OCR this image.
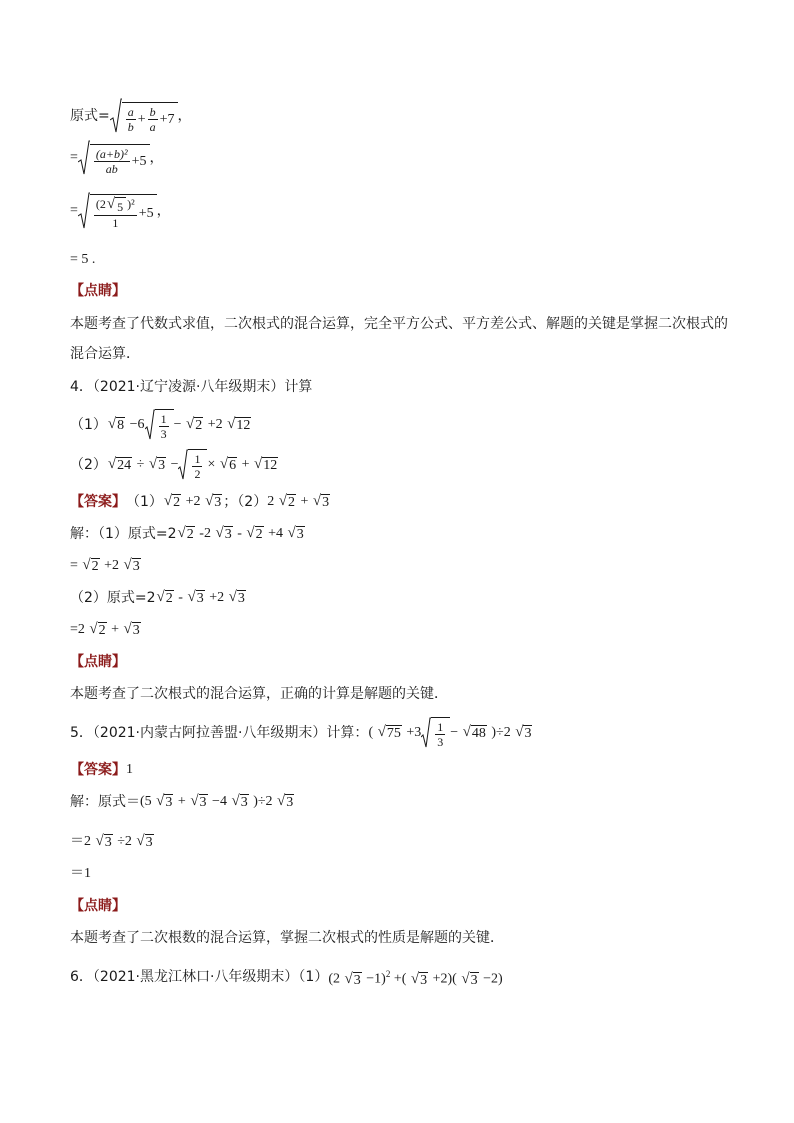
原式= $\frac{a}{b} + \frac{b}{a} +7$ ，
= $\frac{\text{(a+b)²}}{ab} +5$ ，
= $\frac{\text{(2 √ 5 )²}}{1} +5$ ，
= 5 .
【点睛】
本题考查了代数式求值，二次根式的混合运算，完全平方公式、平方差公式、解题的关键是掌握二次根式的混合运算．
4．（2021·辽宁凌源·八年级期末）计算
（1） √ $8 -6 \frac{1}{3}$ − √ 2 +2 √ 12
（2） √ 24 ÷ √ $3 - \frac{1}{2}$ × √ 6 + √ 12
【答案】 （1） √ 2 +2 √ 3 ；（2） 2 √ 2 + √ 3
解：（1）原式=2 √ 2 -2 √ 3 - √ 2 +4 √ 3
= √ 2 +2 √ 3
（2）原式=2 √ 2 - √ 3 +2 √ 3
=2 √ 2 + √ 3
【点睛】
本题考查了二次根式的混合运算，正确的计算是解题的关键．
5．（2021·内蒙古阿拉善盟·八年级期末）计算： ( √ $75 +3 \frac{1}{3}$ − √ 48 )÷2 √ 3
【答案】 1
解：原式＝ (5 √ 3 + √ 3 −4 √ 3 )÷2 √ 3
＝2 √ 3 ÷2 √ 3
＝1
【点睛】
本题考查了二次根数的混合运算，掌握二次根式的性质是解题的关键．
6．（2021·黑龙江林口·八年级期末）（1） (2 √ 3 −1)$^2$ +( √ 3 +2)( √ 3 −2)
